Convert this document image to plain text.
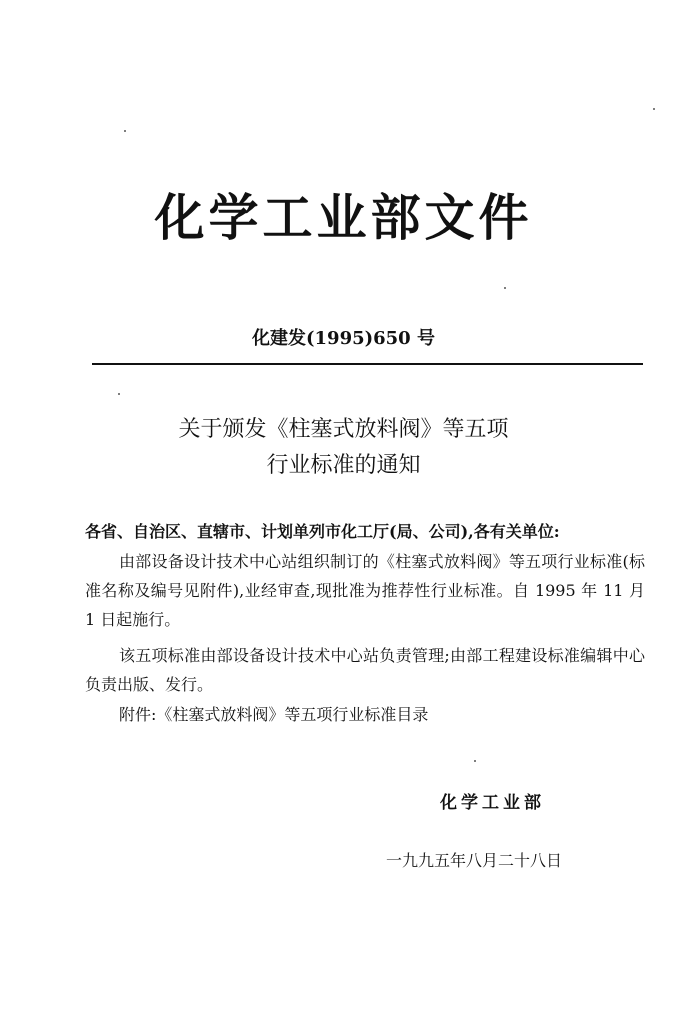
化学工业部文件
化建发(1995)650 号
关于颁发《柱塞式放料阀》等五项
行业标准的通知
各省、自治区、直辖市、计划单列市化工厅(局、公司),各有关单位:
由部设备设计技术中心站组织制订的《柱塞式放料阀》等五项行业标准(标准名称及编号见附件),业经审查,现批准为推荐性行业标准。自 1995 年 11 月 1 日起施行。
该五项标准由部设备设计技术中心站负责管理;由部工程建设标准编辑中心负责出版、发行。
附件:《柱塞式放料阀》等五项行业标准目录
化学工业部
一九九五年八月二十八日
